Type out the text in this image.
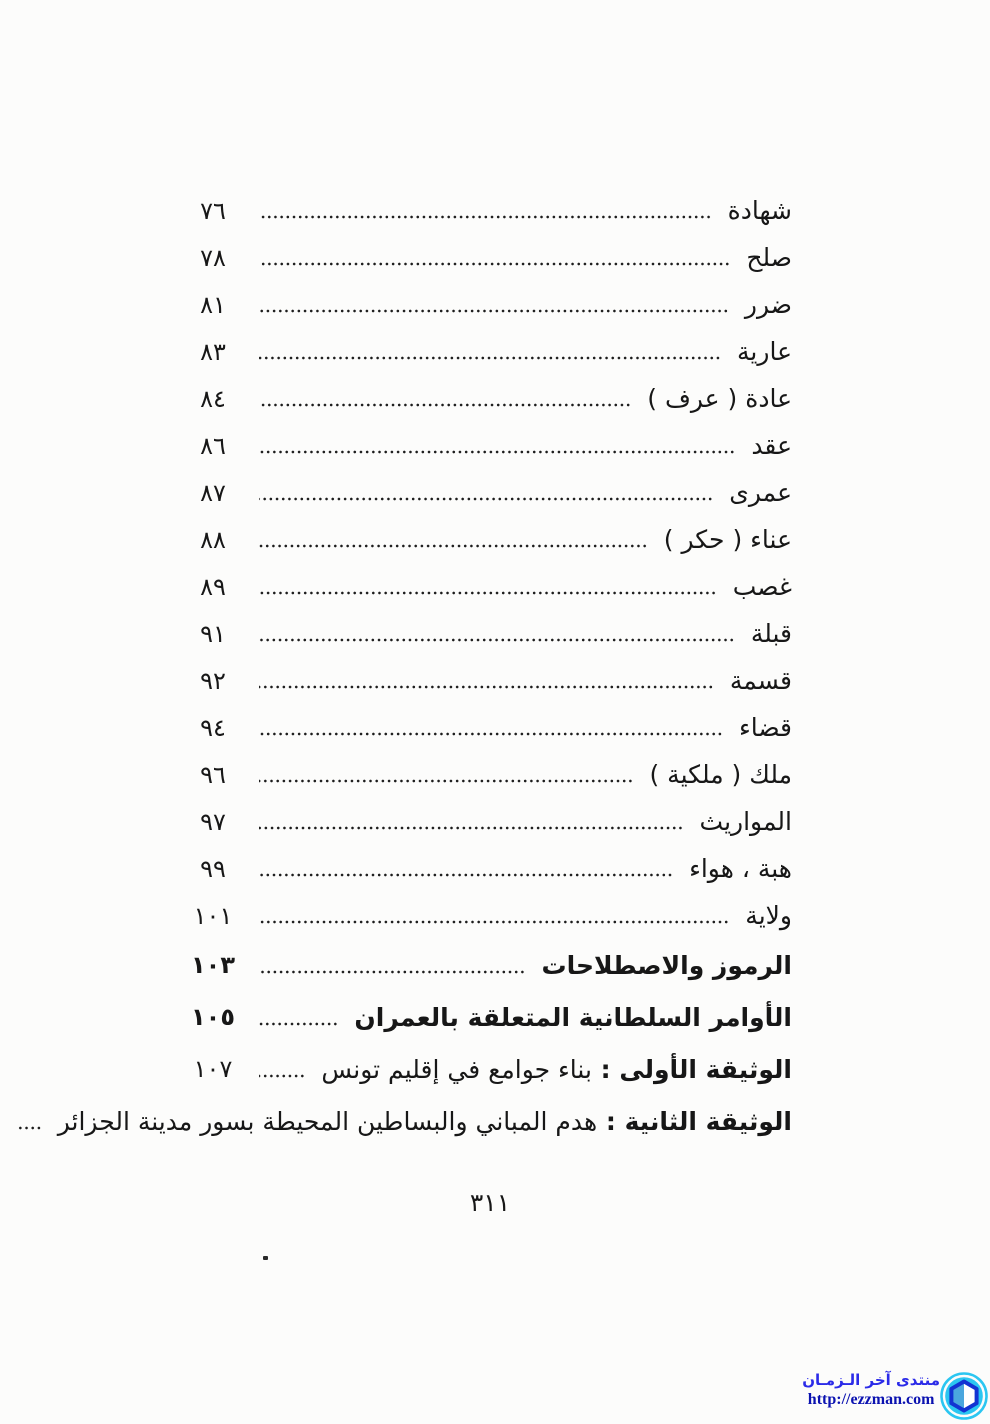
شهادة
٧٦
صلح
٧٨
ضرر
٨١
عارية
٨٣
عادة ( عرف )
٨٤
عقد
٨٦
عمرى
٨٧
عناء ( حكر )
٨٨
غصب
٨٩
قبلة
٩١
قسمة
٩٢
قضاء
٩٤
ملك ( ملكية )
٩٦
المواريث
٩٧
هبة ، هواء
٩٩
ولاية
١٠١
الرموز والاصطلاحات
١٠٣
الأوامر السلطانية المتعلقة بالعمران
١٠٥
الوثيقة الأولى : بناء جوامع في إقليم تونس
١٠٧
الوثيقة الثانية : هدم المباني والبساطين المحيطة بسور مدينة الجزائر
٣١١
منتدى آخر الـزمـان
http://ezzman.com
